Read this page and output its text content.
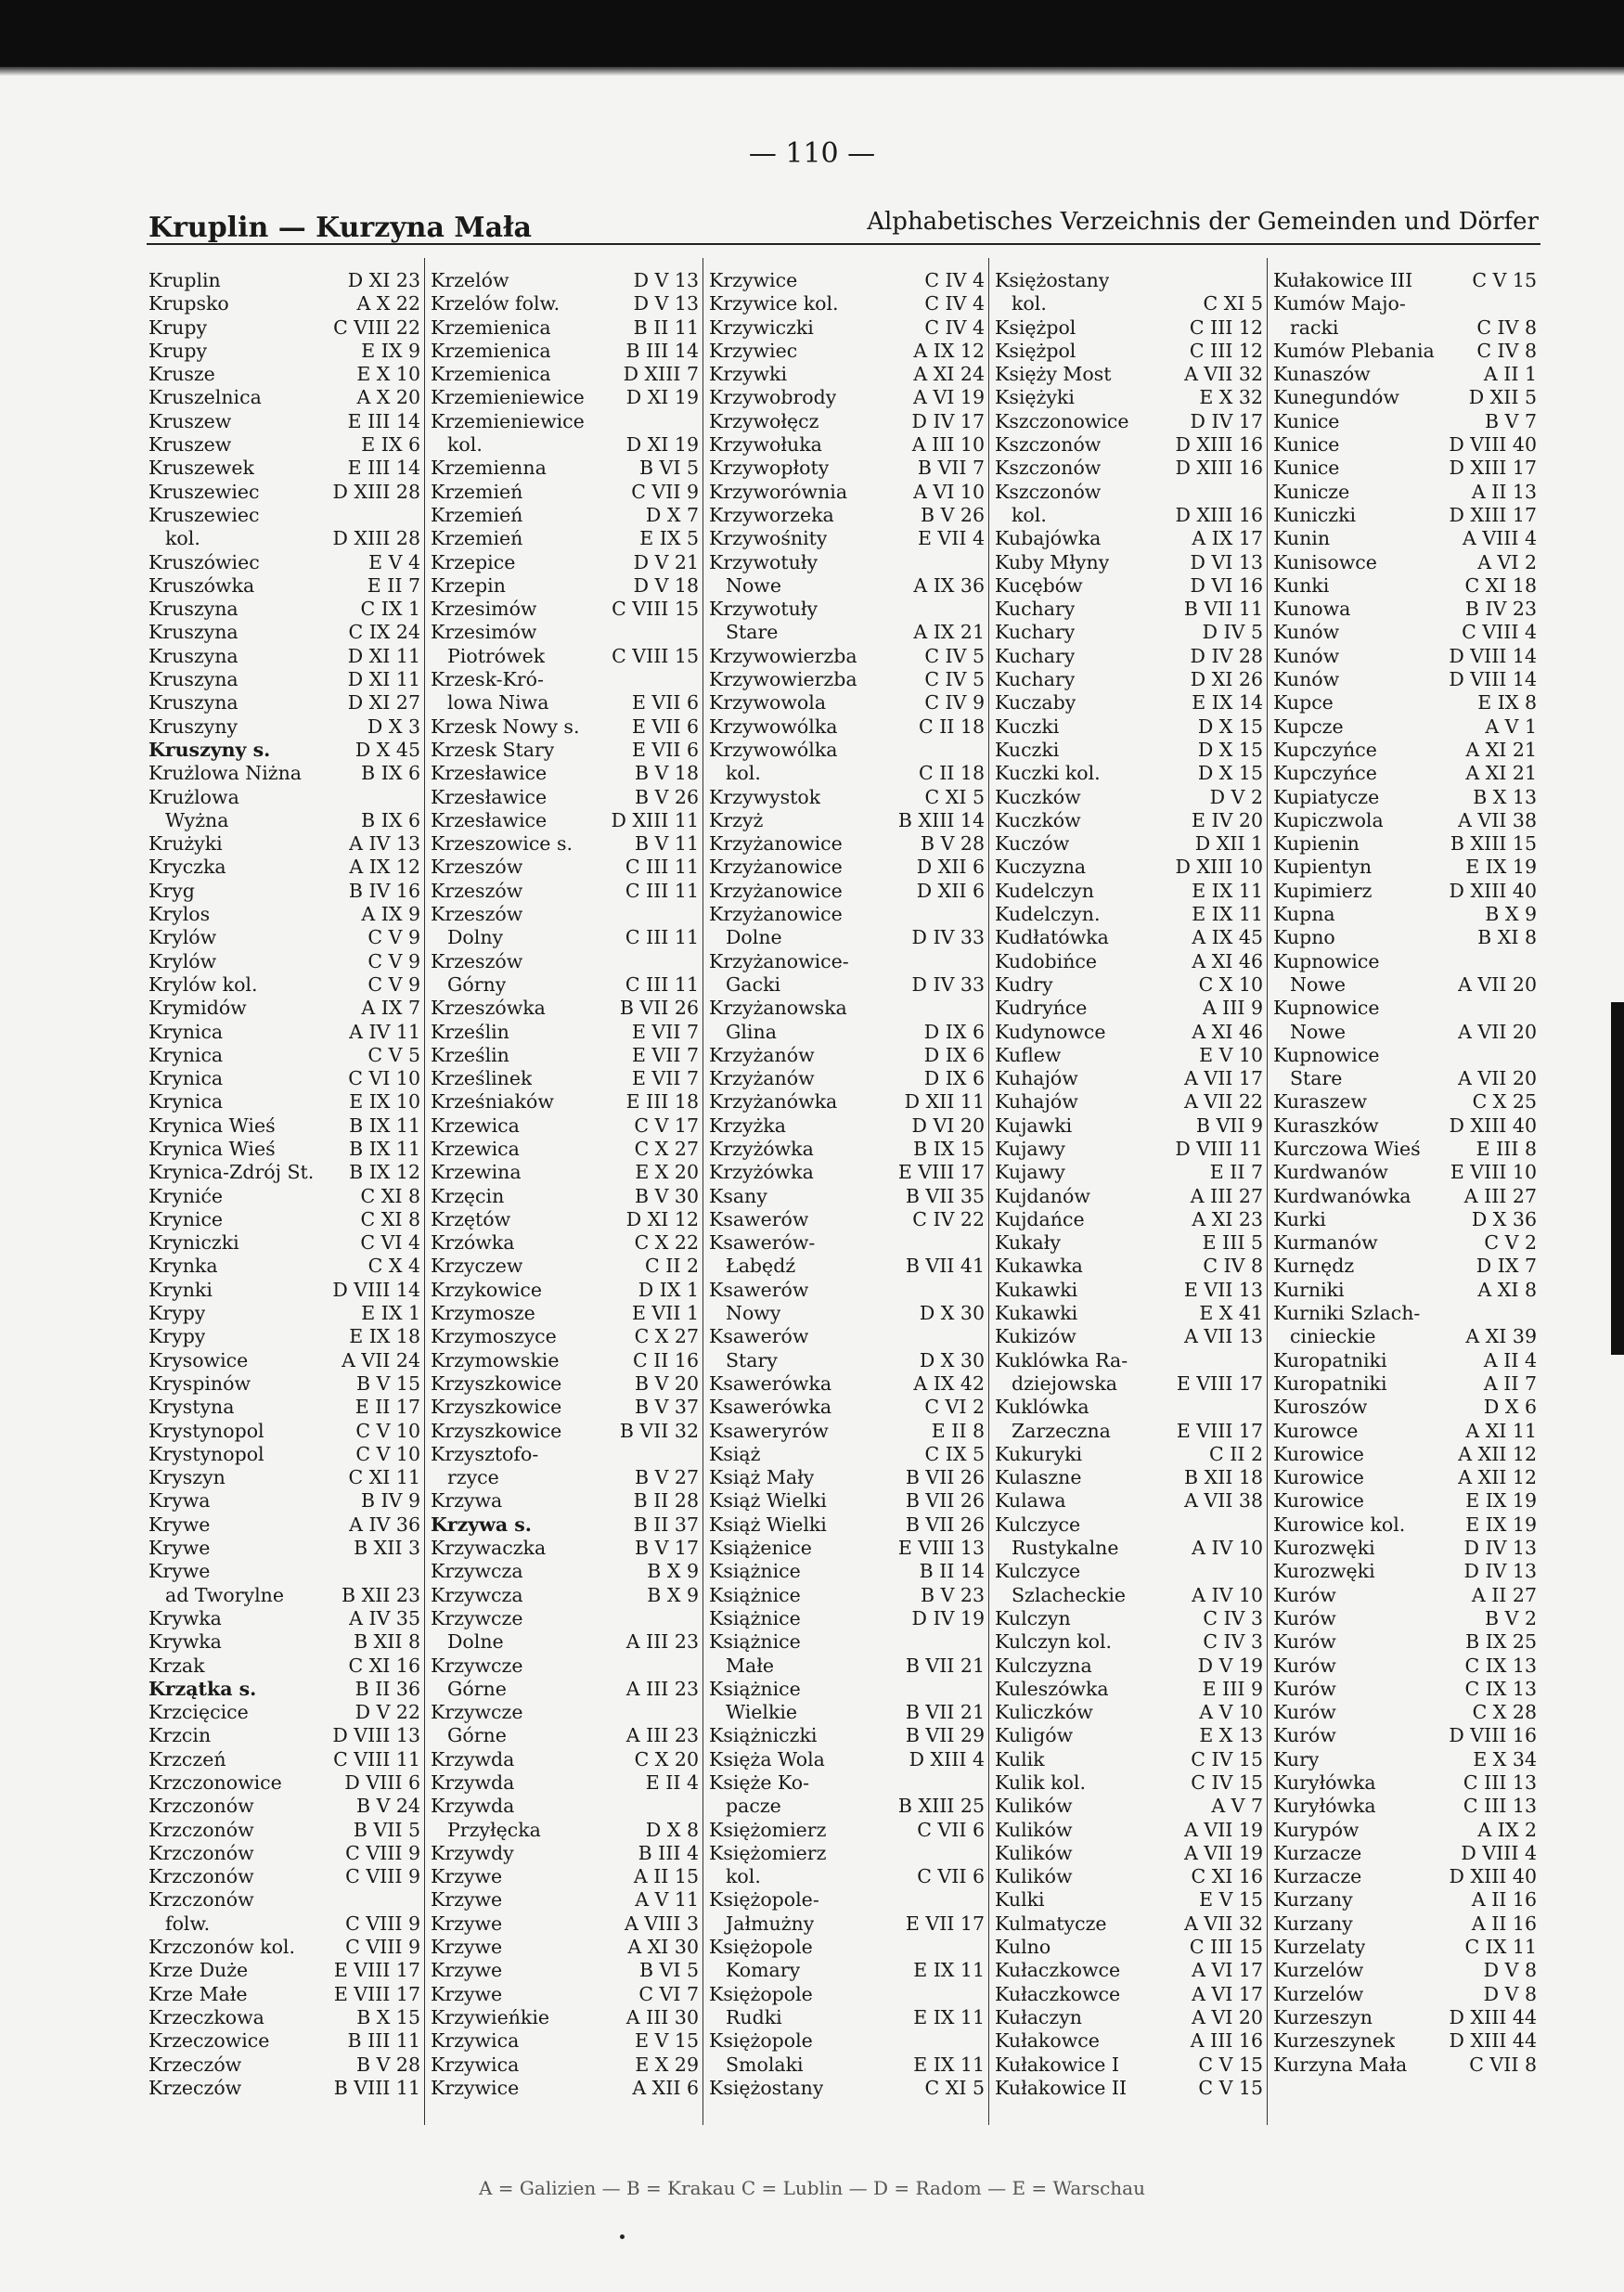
— 110 —
Kruplin — Kurzyna Mała	Alphabetisches Verzeichnis der Gemeinden und Dörfer
Kruplin	D XI 23
Krupsko	A X 22
Krupy	C VIII 22
Krupy	E IX 9
Krusze	E X 10
Kruszelnica	A X 20
Kruszew	E III 14
Kruszew	E IX 6
Kruszewek	E III 14
Kruszewiec	D XIII 28
Kruszewiec
kol.	D XIII 28
Kruszówiec	E V 4
Kruszówka	E II 7
Kruszyna	C IX 1
Kruszyna	C IX 24
Kruszyna	D XI 11
Kruszyna	D XI 11
Kruszyna	D XI 27
Kruszyny	D X 3
Kruszyny s.	D X 45
Krużlowa Niżna	B IX 6
Krużlowa
Wyżna	B IX 6
Krużyki	A IV 13
Kryczka	A IX 12
Kryg	B IV 16
Krylos	A IX 9
Krylów	C V 9
Krylów	C V 9
Krylów kol.	C V 9
Krymidów	A IX 7
Krynica	A IV 11
Krynica	C V 5
Krynica	C VI 10
Krynica	E IX 10
Krynica Wieś	B IX 11
Krynica Wieś	B IX 11
Krynica-Zdrój St. B IX 12
Kryniće	C XI 8
Krynice	C XI 8
Kryniczki	C VI 4
Krynka	C X 4
Krynki	D VIII 14
Krypy	E IX 1
Krypy	E IX 18
Krysowice	A VII 24
Kryspinów	B V 15
Krystyna	E II 17
Krystynopol	C V 10
Krystynopol	C V 10
Kryszyn	C XI 11
Krywa	B IV 9
Krywe	A IV 36
Krywe	B XII 3
Krywe
ad Tworylne	B XII 23
Krywka	A IV 35
Krywka	B XII 8
Krzak	C XI 16
Krzątka s.	B II 36
Krzcięcice	D V 22
Krzcin	D VIII 13
Krzczeń	C VIII 11
Krzczonowice	D VIII 6
Krzczonów	B V 24
Krzczonów	B VII 5
Krzczonów	C VIII 9
Krzczonów	C VIII 9
Krzczonów
folw.	C VIII 9
Krzczonów kol.	C VIII 9
Krze Duże	E VIII 17
Krze Małe	E VIII 17
Krzeczkowa	B X 15
Krzeczowice	B III 11
Krzeczów	B V 28
Krzeczów	B VIII 11
Krzelów	D V 13
Krzelów folw.	D V 13
Krzemienica	B II 11
Krzemienica	B III 14
Krzemienica	D XIII 7
Krzemieniewice D XI 19
Krzemieniewice
kol.	D XI 19
Krzemienna	B VI 5
Krzemień	C VII 9
Krzemień	D X 7
Krzemień	E IX 5
Krzepice	D V 21
Krzepin	D V 18
Krzesimów	C VIII 15
Krzesimów
Piotrówek	C VIII 15
Krzesk-Kró-
lowa Niwa	E VII 6
Krzesk Nowy s.	E VII 6
Krzesk Stary	E VII 6
Krzesławice	B V 18
Krzesławice	B V 26
Krzesławice	D XIII 11
Krzeszowice s.	B V 11
Krzeszów	C III 11
Krzeszów	C III 11
Krzeszów
Dolny	C III 11
Krzeszów
Górny	C III 11
Krzeszówka	B VII 26
Krześlin	E VII 7
Krześlin	E VII 7
Krześlinek	E VII 7
Krześniaków	E III 18
Krzewica	C V 17
Krzewica	C X 27
Krzewina	E X 20
Krzęcin	B V 30
Krzętów	D XI 12
Krzówka	C X 22
Krzyczew	C II 2
Krzykowice	D IX 1
Krzymosze	E VII 1
Krzymoszyce	C X 27
Krzymowskie	C II 16
Krzyszkowice	B V 20
Krzyszkowice	B V 37
Krzyszkowice	B VII 32
Krzysztofo-
rzyce	B V 27
Krzywa	B II 28
Krzywa s.	B II 37
Krzywaczka	B V 17
Krzywcza	B X 9
Krzywcza	B X 9
Krzywcze
Dolne	A III 23
Krzywcze
Górne	A III 23
Krzywcze
Górne	A III 23
Krzywda	C X 20
Krzywda	E II 4
Krzywda
Przyłęcka	D X 8
Krzywdy	B III 4
Krzywe	A II 15
Krzywe	A V 11
Krzywe	A VIII 3
Krzywe	A XI 30
Krzywe	B VI 5
Krzywe	C VI 7
Krzywieńkie	A III 30
Krzywica	E V 15
Krzywica	E X 29
Krzywice	A XII 6
Krzywice	C IV 4
Krzywice kol.	C IV 4
Krzywiczki	C IV 4
Krzywiec	A IX 12
Krzywki	A XI 24
Krzywobrody	A VI 19
Krzywołęcz	D IV 17
Krzywołuka	A III 10
Krzywopłoty	B VII 7
Krzyworównia	A VI 10
Krzyworzeka	B V 26
Krzywośnity	E VII 4
Krzywotuły
Nowe	A IX 36
Krzywotuły
Stare	A IX 21
Krzywowierzba	C IV 5
Krzywowierzba	C IV 5
Krzywowola	C IV 9
Krzywowólka	C II 18
Krzywowólka
kol.	C II 18
Krzywystok	C XI 5
Krzyż	B XIII 14
Krzyżanowice	B V 28
Krzyżanowice	D XII 6
Krzyżanowice	D XII 6
Krzyżanowice
Dolne	D IV 33
Krzyżanowice-
Gacki	D IV 33
Krzyżanowska
Glina	D IX 6
Krzyżanów	D IX 6
Krzyżanów	D IX 6
Krzyżanówka	D XII 11
Krzyżka	D VI 20
Krzyżówka	B IX 15
Krzyżówka	E VIII 17
Ksany	B VII 35
Ksawerów	C IV 22
Ksawerów-
Łabędź	B VII 41
Ksawerów
Nowy	D X 30
Ksawerów
Stary	D X 30
Ksawerówka	A IX 42
Ksawerówka	C VI 2
Ksaweryrów	E II 8
Książ	C IX 5
Książ Mały	B VII 26
Książ Wielki	B VII 26
Książ Wielki	B VII 26
Książenice	E VIII 13
Książnice	B II 14
Książnice	B V 23
Książnice	D IV 19
Książnice
Małe	B VII 21
Książnice
Wielkie	B VII 21
Książniczki	B VII 29
Księża Wola	D XIII 4
Księże Ko-
pacze	B XIII 25
Księżomierz	C VII 6
Księżomierz
kol.	C VII 6
Księżopole-
Jałmużny	E VII 17
Księżopole
Komary	E IX 11
Księżopole
Rudki	E IX 11
Księżopole
Smolaki	E IX 11
Księżostany	C XI 5
Księżostany
kol.	C XI 5
Księżpol	C III 12
Księżpol	C III 12
Księży Most	A VII 32
Księżyki	E X 32
Kszczonowice	D IV 17
Kszczonów	D XIII 16
Kszczonów	D XIII 16
Kszczonów
kol.	D XIII 16
Kubajówka	A IX 17
Kuby Młyny	D VI 13
Kucębów	D VI 16
Kuchary	B VII 11
Kuchary	D IV 5
Kuchary	D IV 28
Kuchary	D XI 26
Kuczaby	E IX 14
Kuczki	D X 15
Kuczki	D X 15
Kuczki kol.	D X 15
Kuczków	D V 2
Kuczków	E IV 20
Kuczów	D XII 1
Kuczyzna	D XIII 10
Kudelczyn	E IX 11
Kudelczyn.	E IX 11
Kudłatówka	A IX 45
Kudobińce	A XI 46
Kudry	C X 10
Kudryńce	A III 9
Kudynowce	A XI 46
Kuflew	E V 10
Kuhajów	A VII 17
Kuhajów	A VII 22
Kujawki	B VII 9
Kujawy	D VIII 11
Kujawy	E II 7
Kujdanów	A III 27
Kujdańce	A XI 23
Kukały	E III 5
Kukawka	C IV 8
Kukawki	E VII 13
Kukawki	E X 41
Kukizów	A VII 13
Kuklówka Ra-
dziejowska	E VIII 17
Kuklówka
Zarzeczna	E VIII 17
Kukuryki	C II 2
Kulaszne	B XII 18
Kulawa	A VII 38
Kulczyce
Rustykalne	A IV 10
Kulczyce
Szlacheckie	A IV 10
Kulczyn	C IV 3
Kulczyn kol.	C IV 3
Kulczyzna	D V 19
Kuleszówka	E III 9
Kuliczków	A V 10
Kuligów	E X 13
Kulik	C IV 15
Kulik kol.	C IV 15
Kulików	A V 7
Kulików	A VII 19
Kulików	A VII 19
Kulików	C XI 16
Kulki	E V 15
Kulmatycze	A VII 32
Kulno	C III 15
Kułaczkowce	A VI 17
Kułaczkowce	A VI 17
Kułaczyn	A VI 20
Kułakowce	A III 16
Kułakowice I	C V 15
Kułakowice II	C V 15
Kułakowice III	C V 15
Kumów Majo-
racki	C IV 8
Kumów Plebania C IV 8
Kunaszów	A II 1
Kunegundów	D XII 5
Kunice	B V 7
Kunice	D VIII 40
Kunice	D XIII 17
Kunicze	A II 13
Kuniczki	D XIII 17
Kunin	A VIII 4
Kunisowce	A VI 2
Kunki	C XI 18
Kunowa	B IV 23
Kunów	C VIII 4
Kunów	D VIII 14
Kunów	D VIII 14
Kupce	E IX 8
Kupcze	A V 1
Kupczyńce	A XI 21
Kupczyńce	A XI 21
Kupiatycze	B X 13
Kupiczwola	A VII 38
Kupienin	B XIII 15
Kupientyn	E IX 19
Kupimierz	D XIII 40
Kupna	B X 9
Kupno	B XI 8
Kupnowice
Nowe	A VII 20
Kupnowice
Nowe	A VII 20
Kupnowice
Stare	A VII 20
Kuraszew	C X 25
Kuraszków	D XIII 40
Kurczowa Wieś	E III 8
Kurdwanów	E VIII 10
Kurdwanówka	A III 27
Kurki	D X 36
Kurmanów	C V 2
Kurnędz	D IX 7
Kurniki	A XI 8
Kurniki Szlach-
cinieckie	A XI 39
Kuropatniki	A II 4
Kuropatniki	A II 7
Kuroszów	D X 6
Kurowce	A XI 11
Kurowice	A XII 12
Kurowice	A XII 12
Kurowice	E IX 19
Kurowice kol.	E IX 19
Kurozwęki	D IV 13
Kurozwęki	D IV 13
Kurów	A II 27
Kurów	B V 2
Kurów	B IX 25
Kurów	C IX 13
Kurów	C IX 13
Kurów	C X 28
Kurów	D VIII 16
Kury	E X 34
Kuryłówka	C III 13
Kuryłówka	C III 13
Kurypów	A IX 2
Kurzacze	D VIII 4
Kurzacze	D XIII 40
Kurzany	A II 16
Kurzany	A II 16
Kurzelaty	C IX 11
Kurzelów	D V 8
Kurzelów	D V 8
Kurzeszyn	D XIII 44
Kurzeszynek	D XIII 44
Kurzyna Mała	C VII 8
A = Galizien — B = Krakau C = Lublin — D = Radom — E = Warschau
